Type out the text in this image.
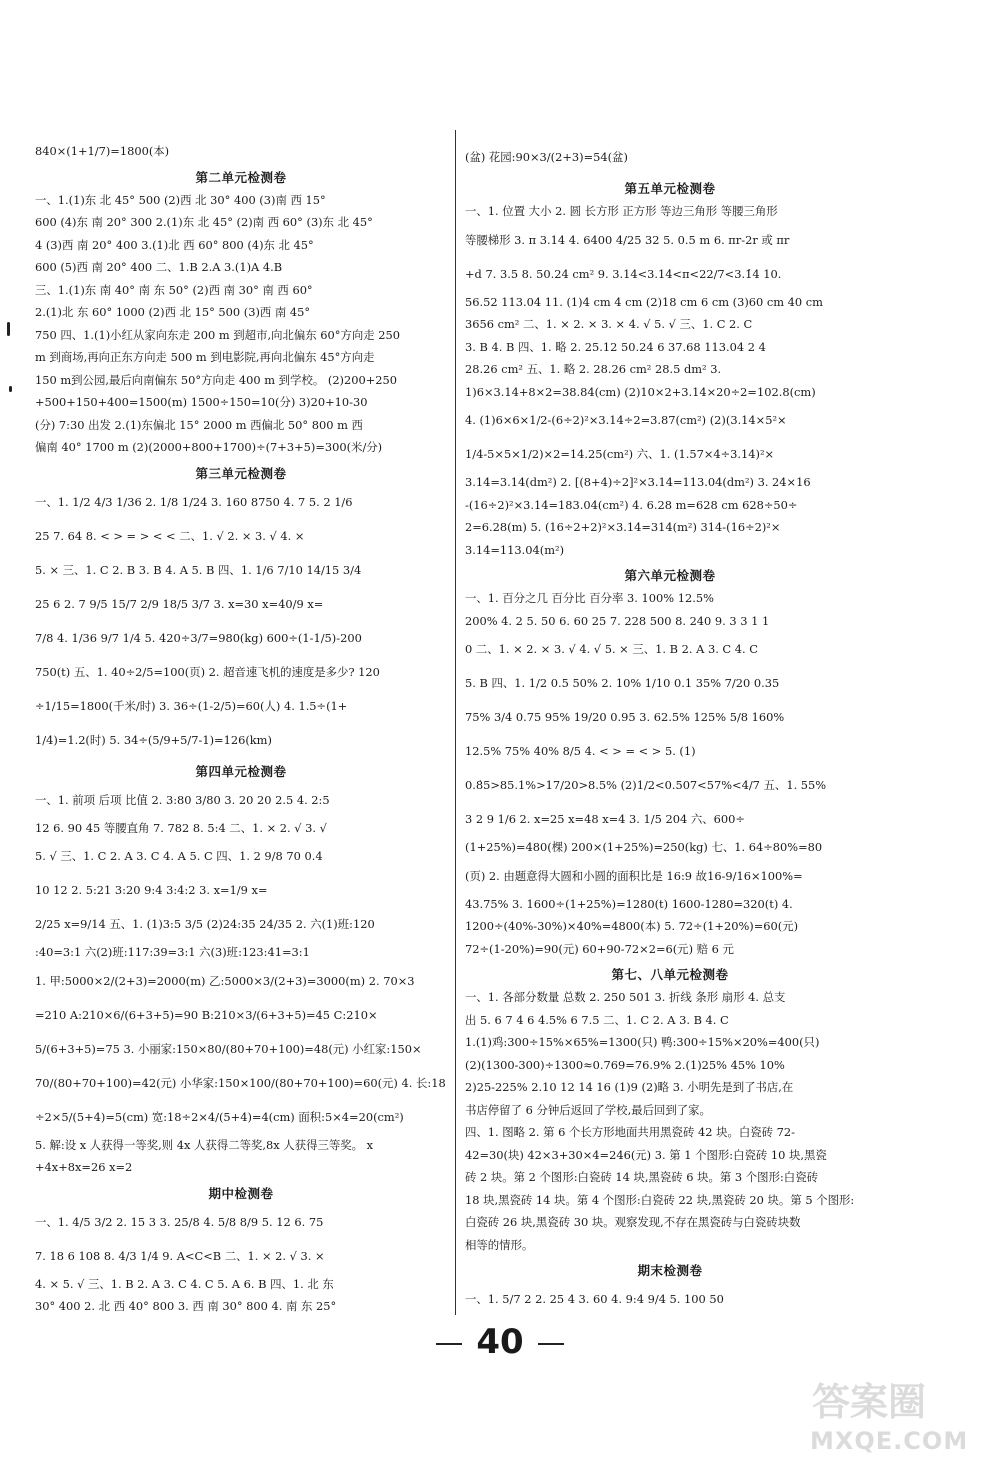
840×(1+1/7)=1800(本)
第二单元检测卷
一、1.(1)东 北 45° 500 (2)西 北 30° 400 (3)南 西 15°
600 (4)东 南 20° 300 2.(1)东 北 45° (2)南 西 60° (3)东 北 45°
4 (3)西 南 20° 400 3.(1)北 西 60° 800 (4)东 北 45°
600 (5)西 南 20° 400 二、1.B 2.A 3.(1)A 4.B
三、1.(1)东 南 40° 南 东 50° (2)西 南 30° 南 西 60°
2.(1)北 东 60° 1000 (2)西 北 15° 500 (3)西 南 45°
750 四、1.(1)小红从家向东走 200 m 到超市,向北偏东 60°方向走 250
m 到商场,再向正东方向走 500 m 到电影院,再向北偏东 45°方向走
150 m到公园,最后向南偏东 50°方向走 400 m 到学校。 (2)200+250
+500+150+400=1500(m) 1500÷150=10(分) 3)20+10-30
(分) 7:30 出发 2.(1)东偏北 15° 2000 m 西偏北 50° 800 m 西
偏南 40° 1700 m (2)(2000+800+1700)÷(7+3+5)=300(米/分)
第三单元检测卷
一、1. 1/2 4/3 1/36 2. 1/8 1/24 3. 160 8750 4. 7 5. 2 1/6
25 7. 64 8. < > = > < < 二、1. √ 2. × 3. √ 4. ×
5. × 三、1. C 2. B 3. B 4. A 5. B 四、1. 1/6 7/10 14/15 3/4
25 6 2. 7 9/5 15/7 2/9 18/5 3/7 3. x=30 x=40/9 x=
7/8 4. 1/36 9/7 1/4 5. 420÷3/7=980(kg) 600÷(1-1/5)-200
750(t) 五、1. 40÷2/5=100(页) 2. 超音速飞机的速度是多少? 120
÷1/15=1800(千米/时) 3. 36÷(1-2/5)=60(人) 4. 1.5÷(1+
1/4)=1.2(时) 5. 34÷(5/9+5/7-1)=126(km)
第四单元检测卷
一、1. 前项 后项 比值 2. 3:80 3/80 3. 20 20 2.5 4. 2:5
12 6. 90 45 等腰直角 7. 782 8. 5:4 二、1. × 2. √ 3. √
5. √ 三、1. C 2. A 3. C 4. A 5. C 四、1. 2 9/8 70 0.4
10 12 2. 5:21 3:20 9:4 3:4:2 3. x=1/9 x=
2/25 x=9/14 五、1. (1)3:5 3/5 (2)24:35 24/35 2. 六(1)班:120
:40=3:1 六(2)班:117:39=3:1 六(3)班:123:41=3:1
1. 甲:5000×2/(2+3)=2000(m) 乙:5000×3/(2+3)=3000(m) 2. 70×3
=210 A:210×6/(6+3+5)=90 B:210×3/(6+3+5)=45 C:210×
5/(6+3+5)=75 3. 小丽家:150×80/(80+70+100)=48(元) 小红家:150×
70/(80+70+100)=42(元) 小华家:150×100/(80+70+100)=60(元) 4. 长:18
÷2×5/(5+4)=5(cm) 宽:18÷2×4/(5+4)=4(cm) 面积:5×4=20(cm²)
5. 解:设 x 人获得一等奖,则 4x 人获得二等奖,8x 人获得三等奖。 x
+4x+8x=26 x=2
期中检测卷
一、1. 4/5 3/2 2. 15 3 3. 25/8 4. 5/8 8/9 5. 12 6. 75
7. 18 6 108 8. 4/3 1/4 9. A<C<B 二、1. × 2. √ 3. ×
4. × 5. √ 三、1. B 2. A 3. C 4. C 5. A 6. B 四、1. 北 东
30° 400 2. 北 西 40° 800 3. 西 南 30° 800 4. 南 东 25°
(盆) 花园:90×3/(2+3)=54(盆)
第五单元检测卷
一、1. 位置 大小 2. 圆 长方形 正方形 等边三角形 等腰三角形
等腰梯形 3. π 3.14 4. 6400 4/25 32 5. 0.5 m 6. πr-2r 或 πr
+d 7. 3.5 8. 50.24 cm² 9. 3.14<3.14̇<π<22/7<3.1̇4 10.
56.52 113.04 11. (1)4 cm 4 cm (2)18 cm 6 cm (3)60 cm 40 cm
3656 cm² 二、1. × 2. × 3. × 4. √ 5. √ 三、1. C 2. C
3. B 4. B 四、1. 略 2. 25.12 50.24 6 37.68 113.04 2 4
28.26 cm² 五、1. 略 2. 28.26 cm² 28.5 dm² 3.
1)6×3.14+8×2=38.84(cm) (2)10×2+3.14×20÷2=102.8(cm)
4. (1)6×6×1/2-(6÷2)²×3.14÷2=3.87(cm²) (2)(3.14×5²×
1/4-5×5×1/2)×2=14.25(cm²) 六、1. (1.57×4÷3.14)²×
3.14=3.14(dm²) 2. [(8+4)÷2]²×3.14=113.04(dm²) 3. 24×16
-(16÷2)²×3.14=183.04(cm²) 4. 6.28 m=628 cm 628÷50÷
2=6.28(m) 5. (16÷2+2)²×3.14=314(m²) 314-(16÷2)²×
3.14=113.04(m²)
第六单元检测卷
一、1. 百分之几 百分比 百分率 3. 100% 12.5%
200% 4. 2 5. 50 6. 60 25 7. 228 500 8. 240 9. 3 3 1 1
0 二、1. × 2. × 3. √ 4. √ 5. × 三、1. B 2. A 3. C 4. C
5. B 四、1. 1/2 0.5 50% 2. 10% 1/10 0.1 35% 7/20 0.35
75% 3/4 0.75 95% 19/20 0.95 3. 62.5% 125% 5/8 160%
12.5% 75% 40% 8/5 4. < > = < > 5. (1)
0.8̇5>85.1%>17/20>8.5% (2)1/2<0.507<57%<4/7 五、1. 55%
3 2 9 1/6 2. x=25 x=48 x=4 3. 1/5 204 六、600÷
(1+25%)=480(棵) 200×(1+25%)=250(kg) 七、1. 64÷80%=80
(页) 2. 由题意得大圆和小圆的面积比是 16:9 故16-9/16×100%=
43.75% 3. 1600÷(1+25%)=1280(t) 1600-1280=320(t) 4.
1200÷(40%-30%)×40%=4800(本) 5. 72÷(1+20%)=60(元)
72÷(1-20%)=90(元) 60+90-72×2=6(元) 赔 6 元
第七、八单元检测卷
一、1. 各部分数量 总数 2. 250 501 3. 折线 条形 扇形 4. 总支
出 5. 6 7 4 6 4.5% 6 7.5 二、1. C 2. A 3. B 4. C
1.(1)鸡:300÷15%×65%=1300(只) 鸭:300÷15%×20%=400(只)
(2)(1300-300)÷1300≈0.769=76.9% 2.(1)25% 45% 10%
2)25-225% 2.10 12 14 16 (1)9 (2)略 3. 小明先是到了书店,在
书店停留了 6 分钟后返回了学校,最后回到了家。
四、1. 图略 2. 第 6 个长方形地面共用黑瓷砖 42 块。白瓷砖 72-
42=30(块) 42×3+30×4=246(元) 3. 第 1 个图形:白瓷砖 10 块,黑瓷
砖 2 块。第 2 个图形:白瓷砖 14 块,黑瓷砖 6 块。第 3 个图形:白瓷砖
18 块,黑瓷砖 14 块。第 4 个图形:白瓷砖 22 块,黑瓷砖 20 块。第 5 个图形:
白瓷砖 26 块,黑瓷砖 30 块。观察发现,不存在黑瓷砖与白瓷砖块数
相等的情形。
期末检测卷
一、1. 5/7 2 2. 25 4 3. 60 4. 9:4 9/4 5. 100 50
40
答案圈
MXQE.COM
